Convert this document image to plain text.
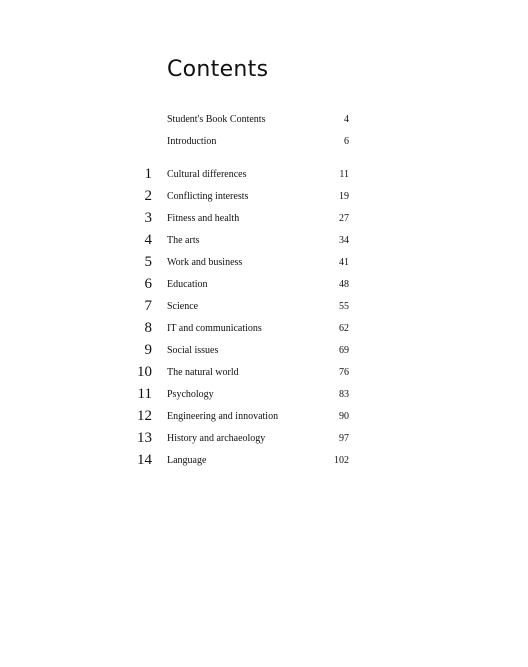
Contents
Student's Book Contents	4
Introduction	6
1 Cultural differences	11
2 Conflicting interests	19
3 Fitness and health	27
4 The arts	34
5 Work and business	41
6 Education	48
7 Science	55
8 IT and communications	62
9 Social issues	69
10 The natural world	76
11 Psychology	83
12 Engineering and innovation	90
13 History and archaeology	97
14 Language	102
